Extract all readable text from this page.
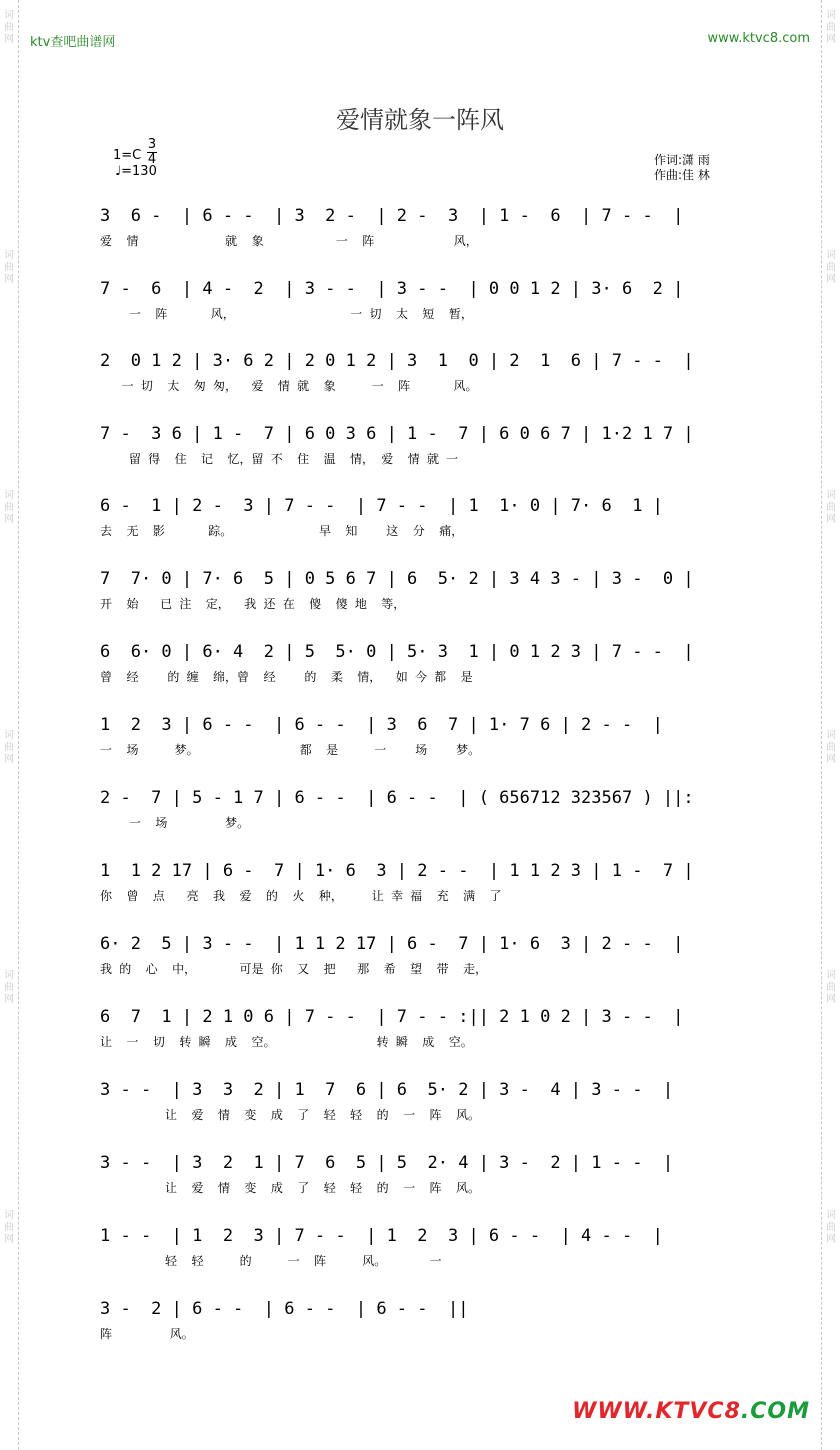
词
曲
网
词
曲
网
词
曲
网
词
曲
网
词
曲
网
词
曲
网
词
曲
网
词
曲
网
词
曲
网
词
曲
网
词
曲
网
词
曲
网
ktv查吧曲谱网	www.ktvc8.com
爱情就象一阵风
1=C
3
4
♩=130
作词:潇 雨
作曲:佳 林
3  6 -  | 6 - -  | 3  2 -  | 2 -  3  | 1 -  6  | 7 - -  |
爱  情            就  象          一  阵           风，
7 -  6  | 4 -  2  | 3 - -  | 3 - -  | 0 0 1 2 | 3· 6  2 |
一  阵      风，                一 切  太  短  暂，
2  0 1 2 | 3· 6 2 | 2 0 1 2 | 3  1  0 | 2  1  6 | 7 - -  |
一 切  太  匆 匆，  爱  情 就  象     一  阵      风。
7 -  3 6 | 1 -  7 | 6 0 3 6 | 1 -  7 | 6 0 6 7 | 1·2 1 7 |
留 得  住  记  忆，留 不  住  温  情， 爱  情 就 一
6 -  1 | 2 -  3 | 7 - -  | 7 - -  | 1  1· 0 | 7· 6  1 |
去  无  影      踪。            早  知    这  分  痛，
7  7· 0 | 7· 6  5 | 0 5 6 7 | 6  5· 2 | 3 4 3 - | 3 -  0 |
开  始   已 注  定，  我 还 在  傻  傻 地  等，
6  6· 0 | 6· 4  2 | 5  5· 0 | 5· 3  1 | 0 1 2 3 | 7 - -  |
曾  经    的 缠  绵，曾  经    的  柔  情，  如 今 都  是
1  2  3 | 6 - -  | 6 - -  | 3  6  7 | 1· 7 6 | 2 - -  |
一  场     梦。              都  是     一    场    梦。
2 -  7 | 5 - 1 7 | 6 - -  | 6 - -  | ( 656712 323567 ) ||:
一  场        梦。
1  1 2 17 | 6 -  7 | 1· 6  3 | 2 - -  | 1 1 2 3 | 1 -  7 |
你  曾  点   亮  我  爱  的  火  种，    让 幸 福  充  满  了
6· 2  5 | 3 - -  | 1 1 2 17 | 6 -  7 | 1· 6  3 | 2 - -  |
我 的  心  中，      可是 你  又  把   那  希  望  带  走，
6  7  1 | 2 1 0 6 | 7 - -  | 7 - - :|| 2 1 0 2 | 3 - -  |
让  一  切  转 瞬  成  空。              转 瞬  成  空。
3 - -  | 3  3  2 | 1  7  6 | 6  5· 2 | 3 -  4 | 3 - -  |
让  爱  情  变  成  了  轻  轻  的  一  阵  风。
3 - -  | 3  2  1 | 7  6  5 | 5  2· 4 | 3 -  2 | 1 - -  |
让  爱  情  变  成  了  轻  轻  的  一  阵  风。
1 - -  | 1  2  3 | 7 - -  | 1  2  3 | 6 - -  | 4 - -  |
轻  轻     的     一  阵     风。      一
3 -  2 | 6 - -  | 6 - -  | 6 - -  ||
阵        风。
WWW.KTVC8.COM
